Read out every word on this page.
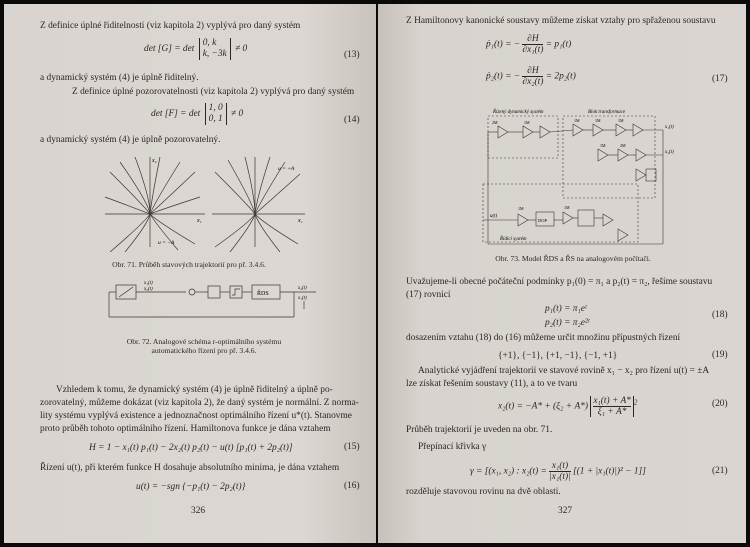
Z definice úplné řiditelnosti (viz kapitola 2) vyplývá pro daný systém
det [G] = det 0, k
k, −3k ≠ 0
(13)
a dynamický systém (4) je úplně řiditelný.
Z definice úplné pozorovatelnosti (viz kapitola 2) vyplývá pro daný systém
det [F] = det 1, 0
0, 1 ≠ 0
(14)
a dynamický systém (4) je úplně pozorovatelný.
x₂
x₁
u = −A
u = +A
x₁
Obr. 71. Průběh stavových trajektorií pro př. 3.4.6.
x₁(t)
x₂(t)
ŘDS
x₂(t)
x₁(t)
Obr. 72. Analogové schéma r-optimálního systému
automatického řízení pro př. 3.4.6.
Vzhledem k tomu, že dynamický systém (4) je úplně řiditelný a úplně po-
zorovatelný, můžeme dokázat (viz kapitola 2), že daný systém je normální. Z norma-
lity systému vyplývá existence a jednoznačnost optimálního řízení u*(t). Stanovme
proto průběh tohoto optimálního řízení. Hamiltonova funkce je dána vztahem
H = 1 − x₁(t) p₁(t) − 2x₂(t) p₂(t) − u(t) [p₁(t) + 2p₂(t)]	(15)
Řízení u(t), při kterém funkce H dosahuje absolutního minima, je dána vztahem
u(t) = −sgn {−p₁(t) − 2p₂(t)}	(16)
326
Z Hamiltonovy kanonické soustavy můžeme získat vztahy pro spřaženou soustavu
ṗ₁(t) = − $\frac{\partial H}{\text{∂x₁(t)}} = p_1(t)$
ṗ₂(t) = − $\frac{\partial H}{\text{∂x₂(t)}} = 2p_2(t)$	(17)
Řízený dynamický systém	Blok transformace
Řídicí systém
2M	1M	1M	1M	1M
1M	2M
1M
DOP
1M
x₁(t)
x₂(t)
u(t)
Obr. 73. Model ŘDS a ŘS na analogovém počítači.
Uvažujeme-li obecné počáteční podmínky p₁(0) = π₁ a p₂(t) = π₂, řešíme soustavu
(17) rovnicí
p₁(t) = π₁eᵗ
p₂(t) = π₂e²ᵗ
(18)
dosazením vztahu (18) do (16) můžeme určit množinu přípustných řízení
{+1}, {−1}, {+1, −1}, {−1, +1}	(19)
Analytické vyjádření trajektorií ve stavové rovině x₁ − x₂ pro řízení u(t) = ±A
lze získat řešením soustavy (11), a to ve tvaru
$x_2(t) = -A* + (\xi_2 + A*) \frac{\text{x₁(t) + A*}}{\text{ξ₁ + A*}} ^2$	(20)
Průběh trajektorií je uveden na obr. 71.
Přepínací křivka γ
γ = [(x₁, x₂) : $x_2(t) = \frac{\text{x₁(t)}}{\text{|x₁(t)|}} [(1 + |x_1(t)|)^2 - 1]$]	(21)
rozděluje stavovou rovinu na dvě oblasti.
327
